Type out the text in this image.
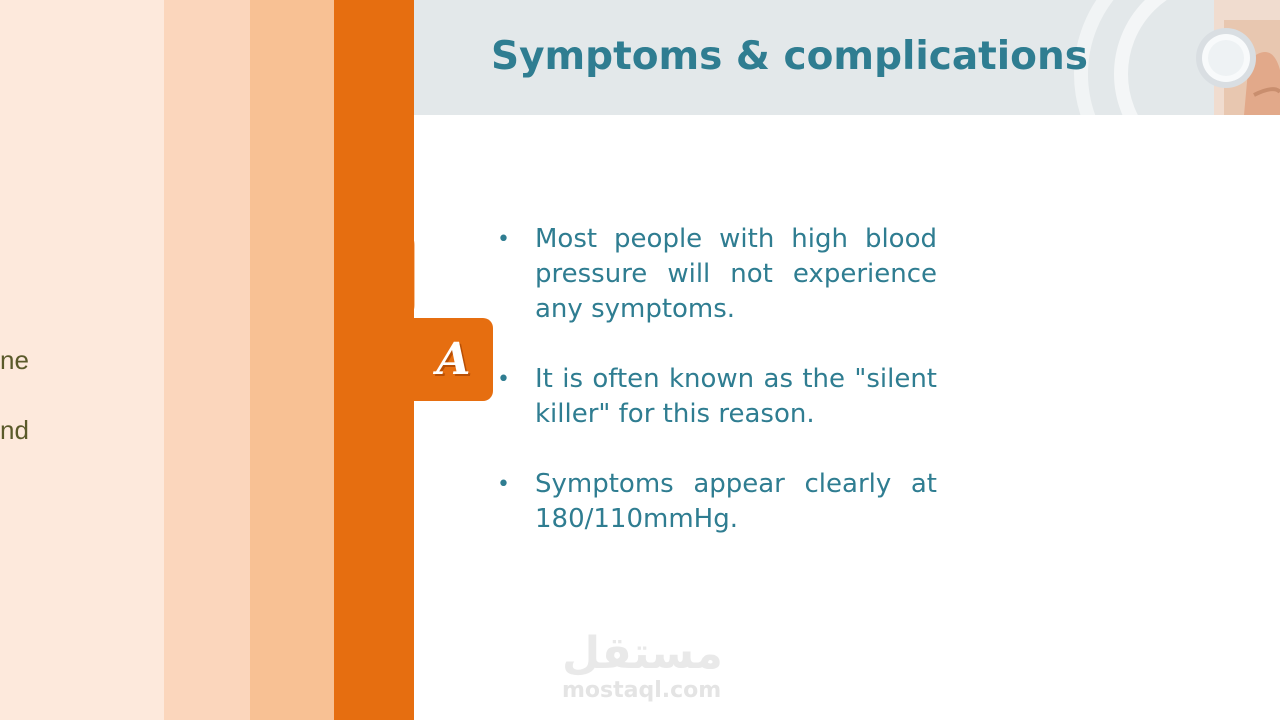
A
ne
nd
Symptoms & complications
• Most people with high blood pressure will not experience any symptoms.
• It is often known as the "silent killer" for this reason.
• Symptoms appear clearly at 180/110mmHg.
مستقل
mostaql.com
